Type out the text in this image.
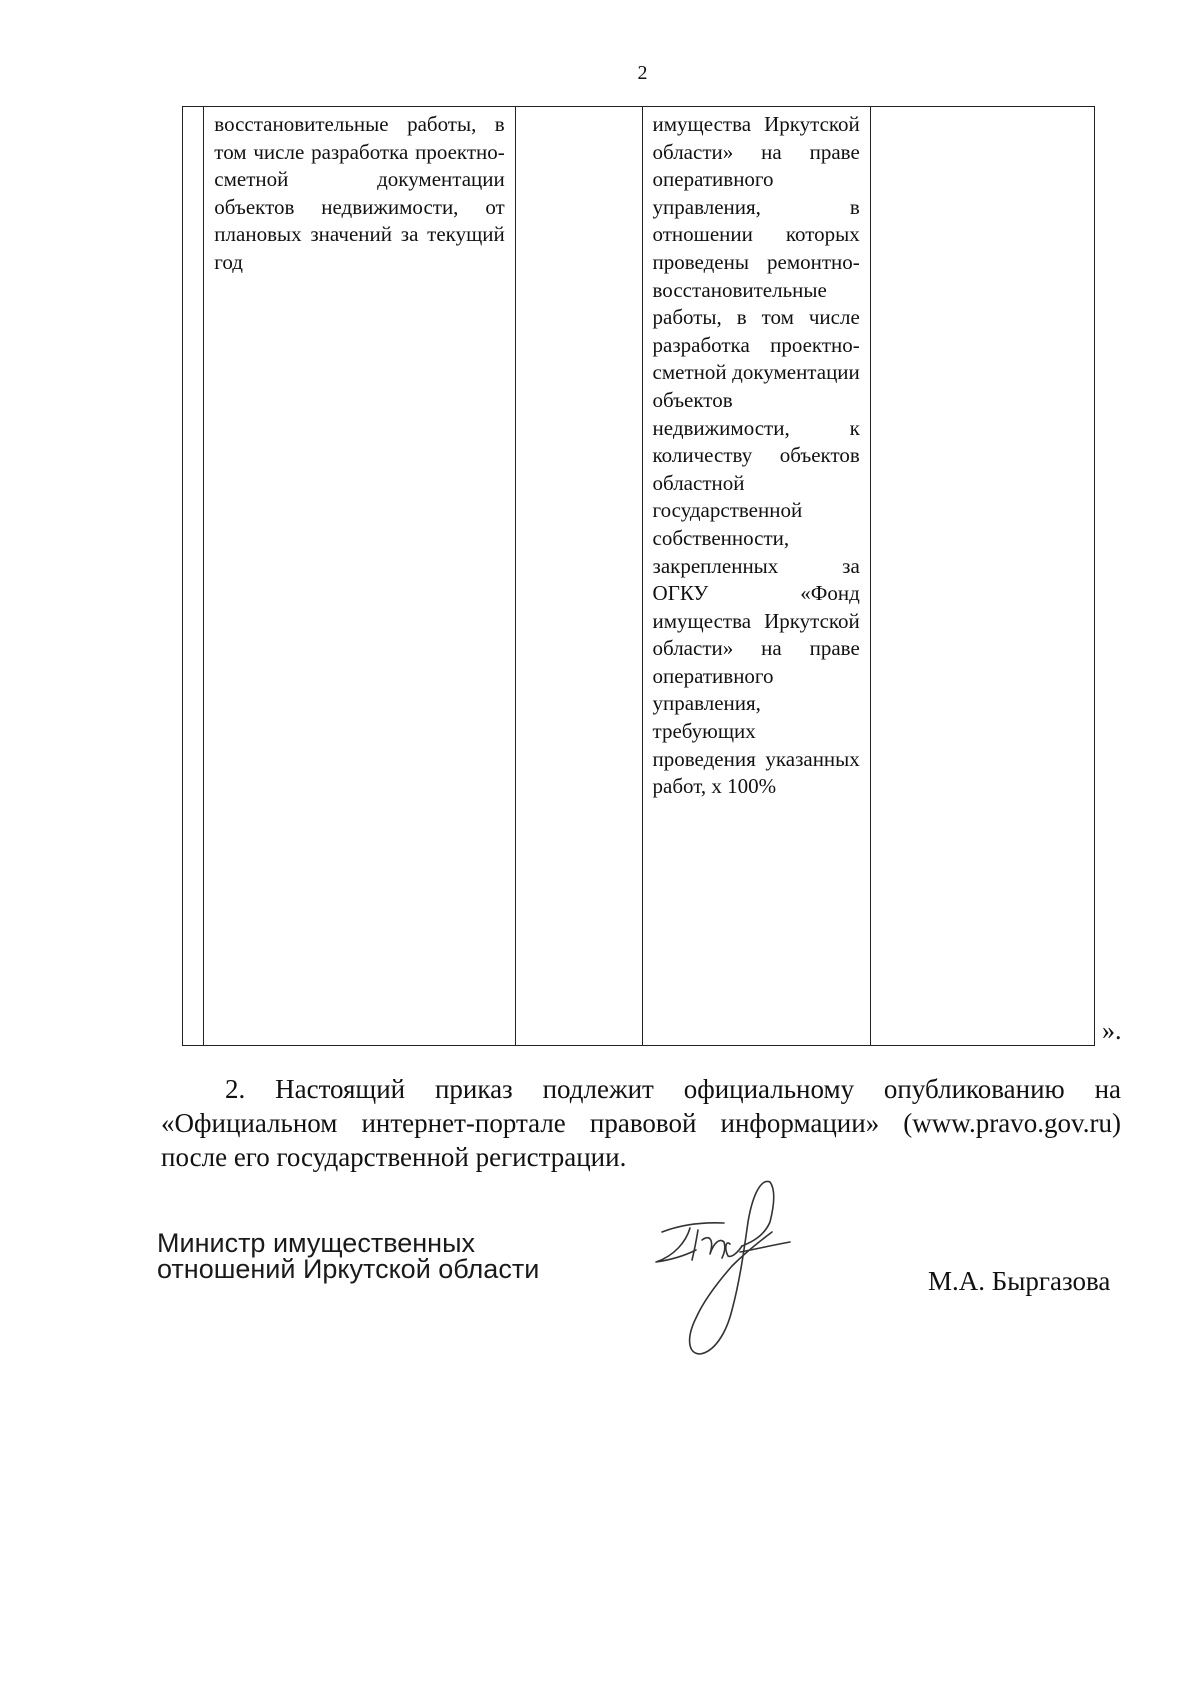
2
	восстановительные работы, в том числе разработка проектно-сметной документации объектов недвижимости, от плановых значений за текущий год		имущества Иркутской области» на праве оперативного управления, в отношении которых проведены ремонтно-восстановительные работы, в том числе разработка проектно-сметной документации объектов недвижимости, к количеству объектов областной государственной собственности, закрепленных за ОГКУ «Фонд имущества Иркутской области» на праве оперативного управления, требующих проведения указанных работ, х 100%	
».
2. Настоящий приказ подлежит официальному опубликованию на «Официальном интернет-портале правовой информации» (www.pravo.gov.ru) после его государственной регистрации.
Министр имущественных
отношений Иркутской области	М.А. Быргазова
